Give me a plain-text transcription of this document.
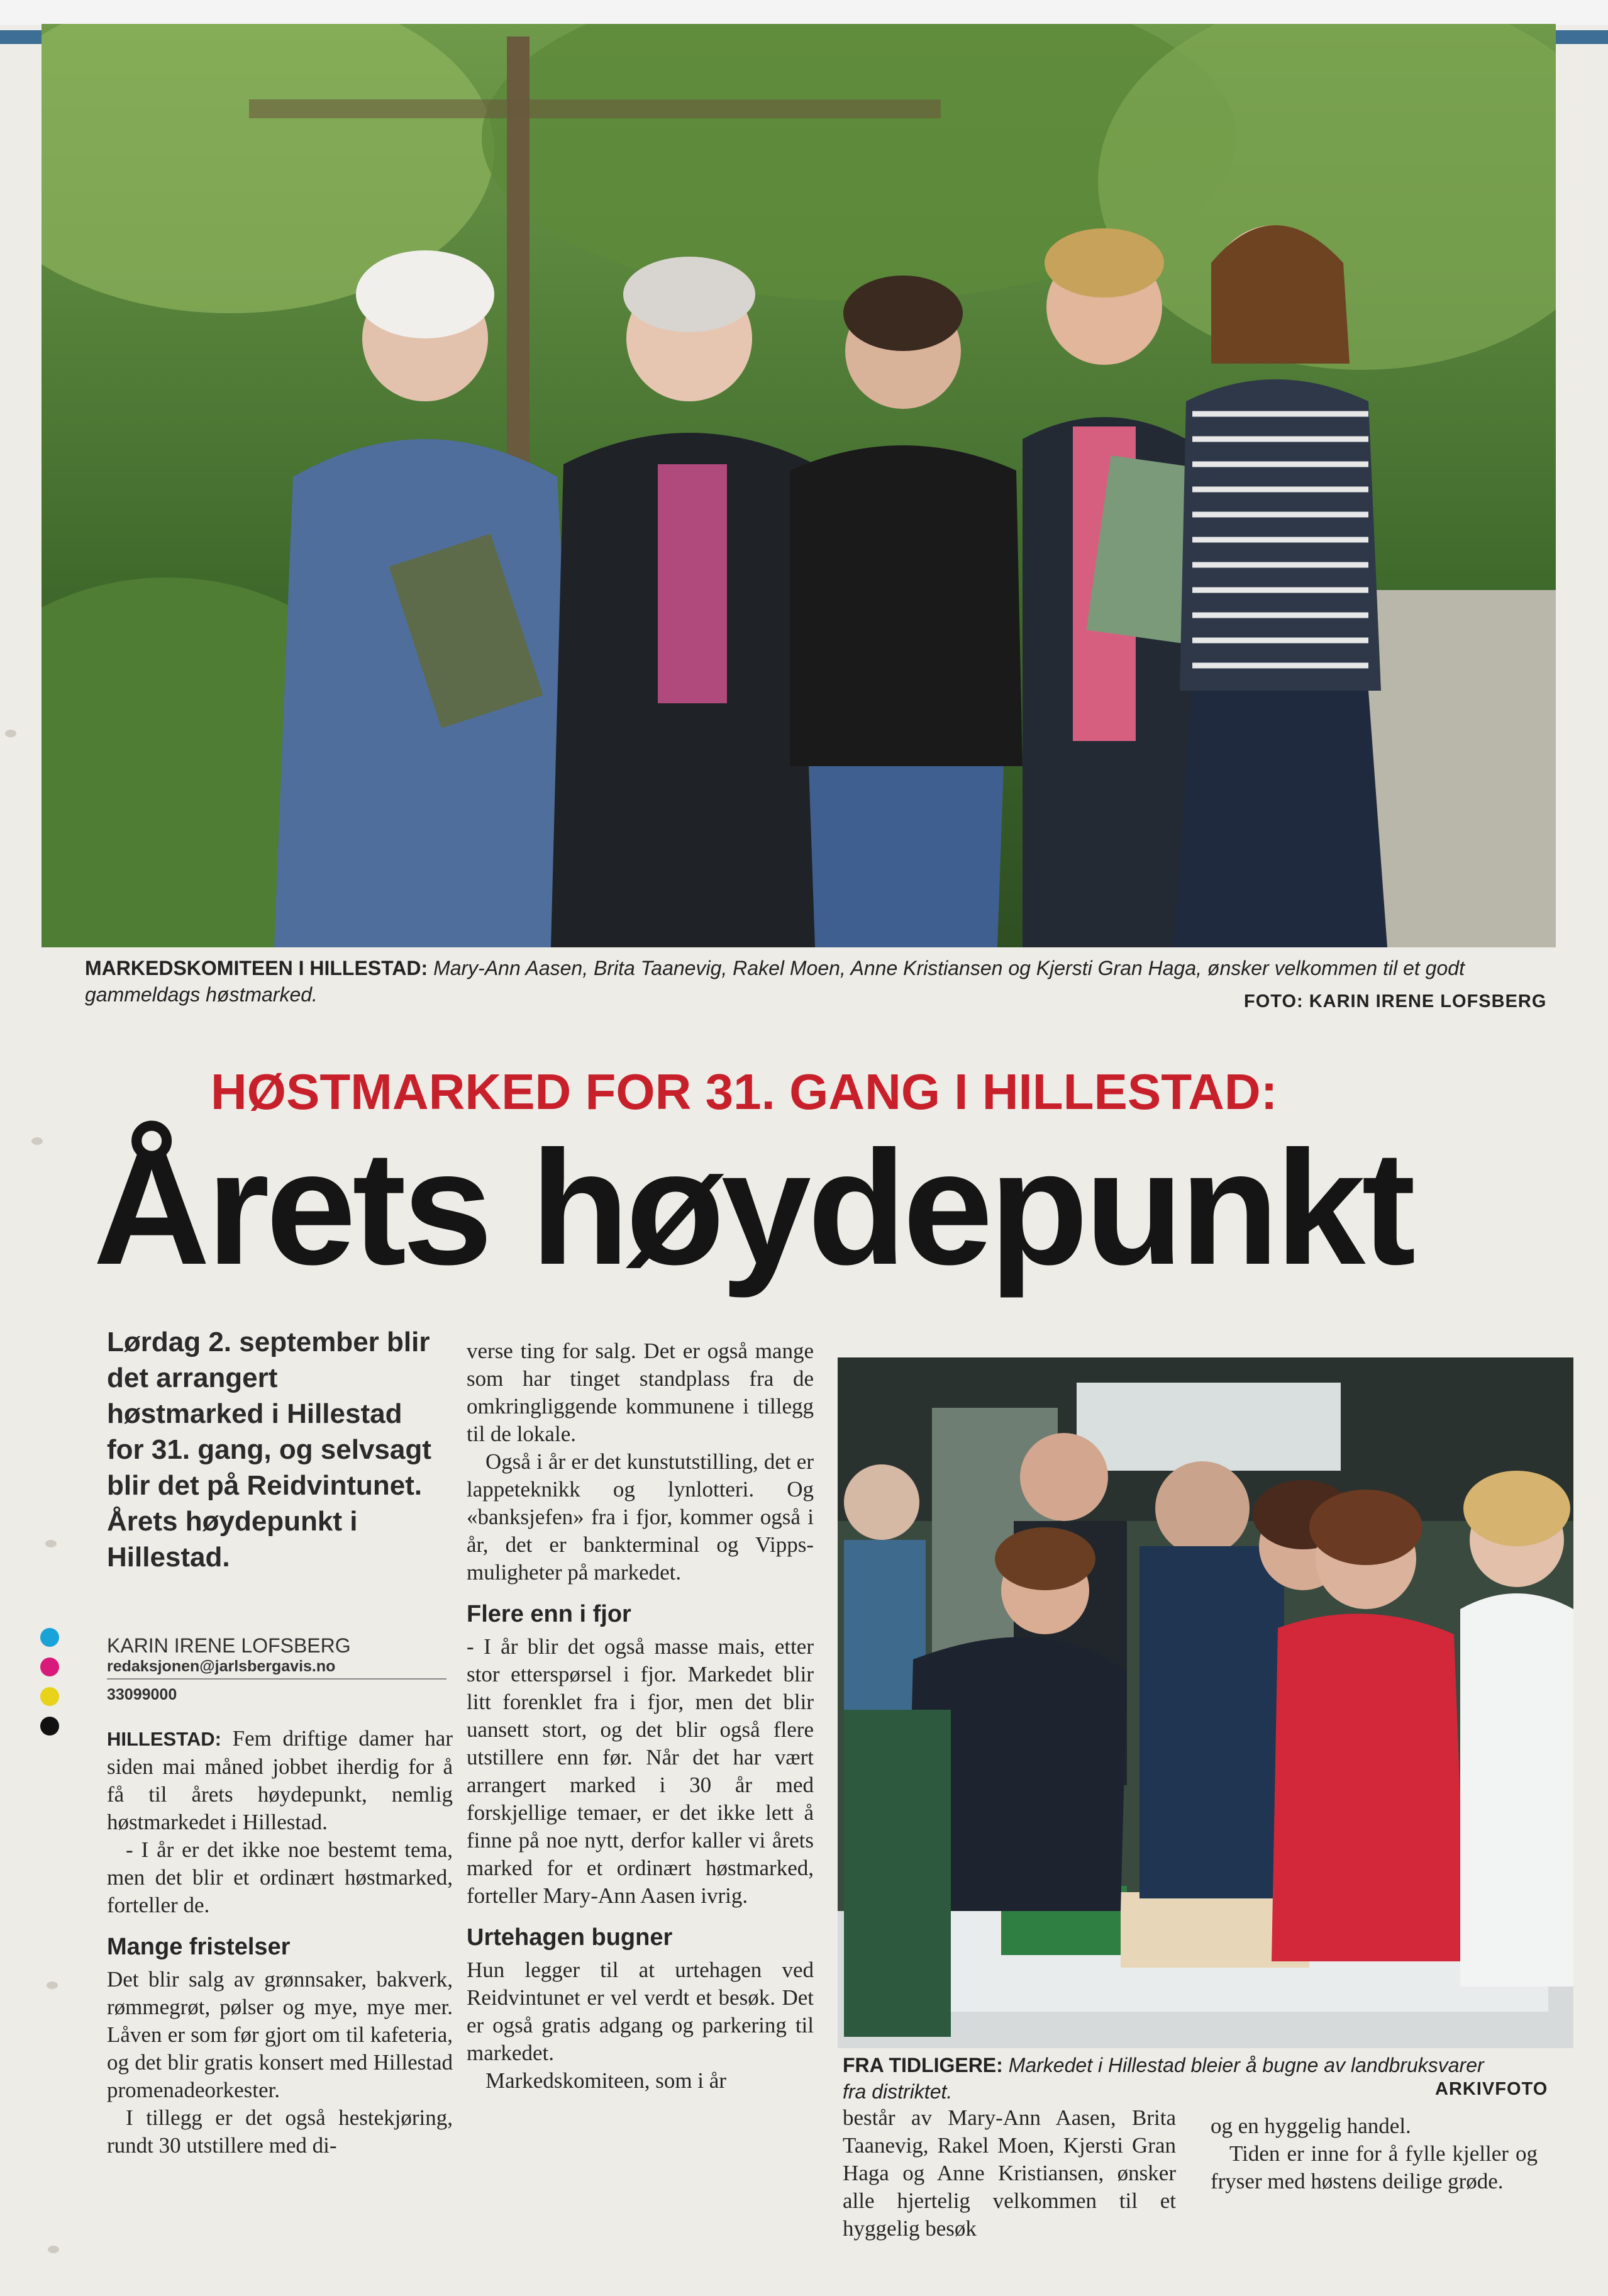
MARKEDSKOMITEEN I HILLESTAD: Mary-Ann Aasen, Brita Taanevig, Rakel Moen, Anne Kristiansen og Kjersti Gran Haga, ønsker velkommen til et godt gammeldags høstmarked.	FOTO: KARIN IRENE LOFSBERG
HØSTMARKED FOR 31. GANG I HILLESTAD:
Årets høydepunkt
Lørdag 2. september blir det arrangert høstmarked i Hillestad for 31. gang, og selvsagt blir det på Reidvintunet. Årets høydepunkt i Hillestad.
KARIN IRENE LOFSBERG
redaksjonen@jarlsbergavis.no
33099000

HILLESTAD: Fem driftige damer har siden mai måned jobbet iherdig for å få til årets høydepunkt, nemlig høstmarkedet i Hillestad.

- I år er det ikke noe bestemt tema, men det blir et ordinært høstmarked, forteller de.

Mange fristelser

Det blir salg av grønnsaker, bakverk, rømmegrøt, pølser og mye, mye mer. Låven er som før gjort om til kafeteria, og det blir gratis konsert med Hillestad promenadeorkester.

I tillegg er det også hestekjøring, rundt 30 utstillere med di-

verse ting for salg. Det er også mange som har tinget standplass fra de omkringliggende kommunene i tillegg til de lokale.

Også i år er det kunstutstilling, det er lappeteknikk og lynlotteri. Og «banksjefen» fra i fjor, kommer også i år, det er bankterminal og Vipps-muligheter på markedet.

Flere enn i fjor

- I år blir det også masse mais, etter stor etterspørsel i fjor. Markedet blir litt forenklet fra i fjor, men det blir uansett stort, og det blir også flere utstillere enn før. Når det har vært arrangert marked i 30 år med forskjellige temaer, er det ikke lett å finne på noe nytt, derfor kaller vi årets marked for et ordinært høstmarked, forteller Mary-Ann Aasen ivrig.

Urtehagen bugner

Hun legger til at urtehagen ved Reidvintunet er vel verdt et besøk. Det er også gratis adgang og parkering til markedet.

Markedskomiteen, som i år

FRA TIDLIGERE: Markedet i Hillestad bleier å bugne av landbruksvarer fra distriktet.	ARKIVFOTO

består av Mary-Ann Aasen, Brita Taanevig, Rakel Moen, Kjersti Gran Haga og Anne Kristiansen, ønsker alle hjertelig velkommen til et hyggelig besøk

og en hyggelig handel.

Tiden er inne for å fylle kjeller og fryser med høstens deilige grøde.
